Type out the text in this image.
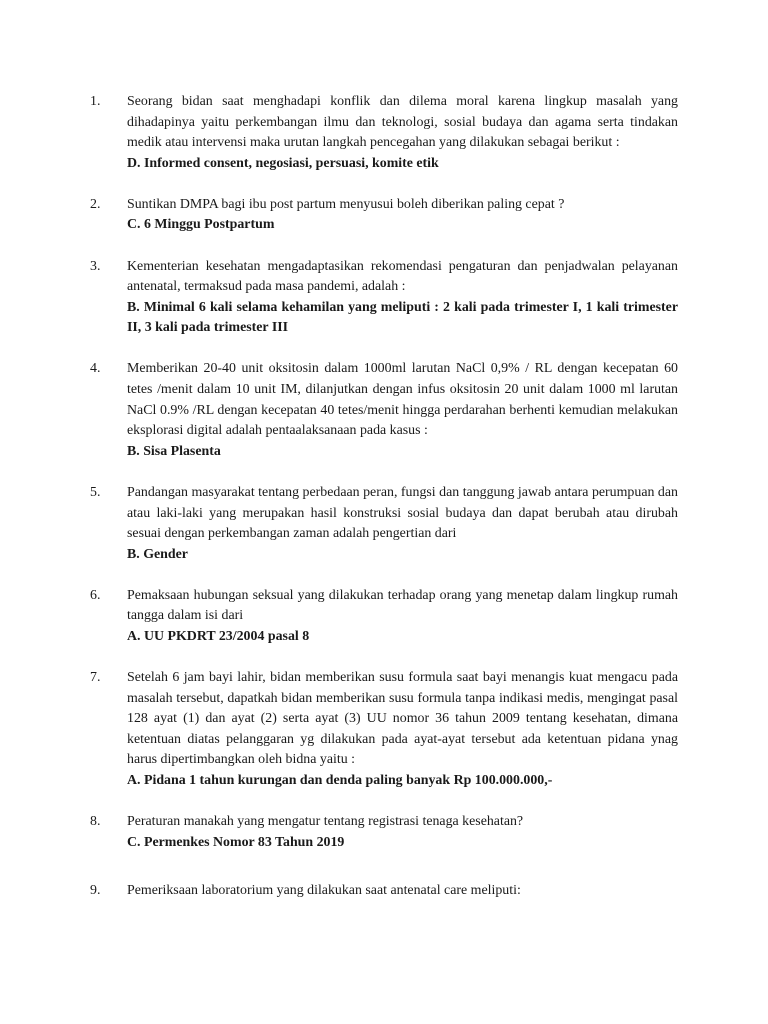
1.	Seorang bidan saat menghadapi konflik dan dilema moral karena lingkup masalah yang dihadapinya yaitu perkembangan ilmu dan teknologi, sosial budaya dan agama serta tindakan medik atau intervensi maka urutan langkah pencegahan yang dilakukan sebagai berikut :
D. Informed consent, negosiasi, persuasi, komite etik
2.	Suntikan DMPA bagi ibu post partum menyusui boleh diberikan paling cepat ?
C. 6 Minggu Postpartum
3.	Kementerian kesehatan mengadaptasikan rekomendasi pengaturan dan penjadwalan pelayanan antenatal, termaksud pada masa pandemi, adalah :
B. Minimal 6 kali selama kehamilan yang meliputi : 2 kali pada trimester I, 1 kali trimester II, 3 kali pada trimester III
4.	Memberikan 20-40 unit oksitosin dalam 1000ml larutan NaCl 0,9% / RL dengan kecepatan 60 tetes /menit dalam 10 unit IM, dilanjutkan dengan infus oksitosin 20 unit dalam 1000 ml larutan NaCl 0.9% /RL dengan kecepatan 40 tetes/menit hingga perdarahan berhenti kemudian melakukan eksplorasi digital adalah pentaalaksanaan pada kasus :
B. Sisa Plasenta
5.	Pandangan masyarakat tentang perbedaan peran, fungsi dan tanggung jawab antara perumpuan dan atau laki-laki yang merupakan hasil konstruksi sosial budaya dan dapat berubah atau dirubah sesuai dengan perkembangan zaman adalah pengertian dari
B. Gender
6.	Pemaksaan hubungan seksual yang dilakukan terhadap orang yang menetap dalam lingkup rumah tangga dalam isi dari
A. UU PKDRT 23/2004 pasal 8
7.	Setelah 6 jam bayi lahir, bidan memberikan susu formula saat bayi menangis kuat mengacu pada masalah tersebut, dapatkah bidan memberikan susu formula tanpa indikasi medis, mengingat pasal 128 ayat (1) dan ayat (2) serta ayat (3) UU nomor 36 tahun 2009 tentang kesehatan, dimana ketentuan diatas pelanggaran yg dilakukan pada ayat-ayat tersebut ada ketentuan pidana ynag harus dipertimbangkan oleh bidna yaitu :
A. Pidana 1 tahun kurungan dan denda paling banyak Rp 100.000.000,-
8.	Peraturan manakah yang mengatur tentang registrasi tenaga kesehatan?
C. Permenkes Nomor 83 Tahun 2019
9.	Pemeriksaan laboratorium yang dilakukan saat antenatal care meliputi:
